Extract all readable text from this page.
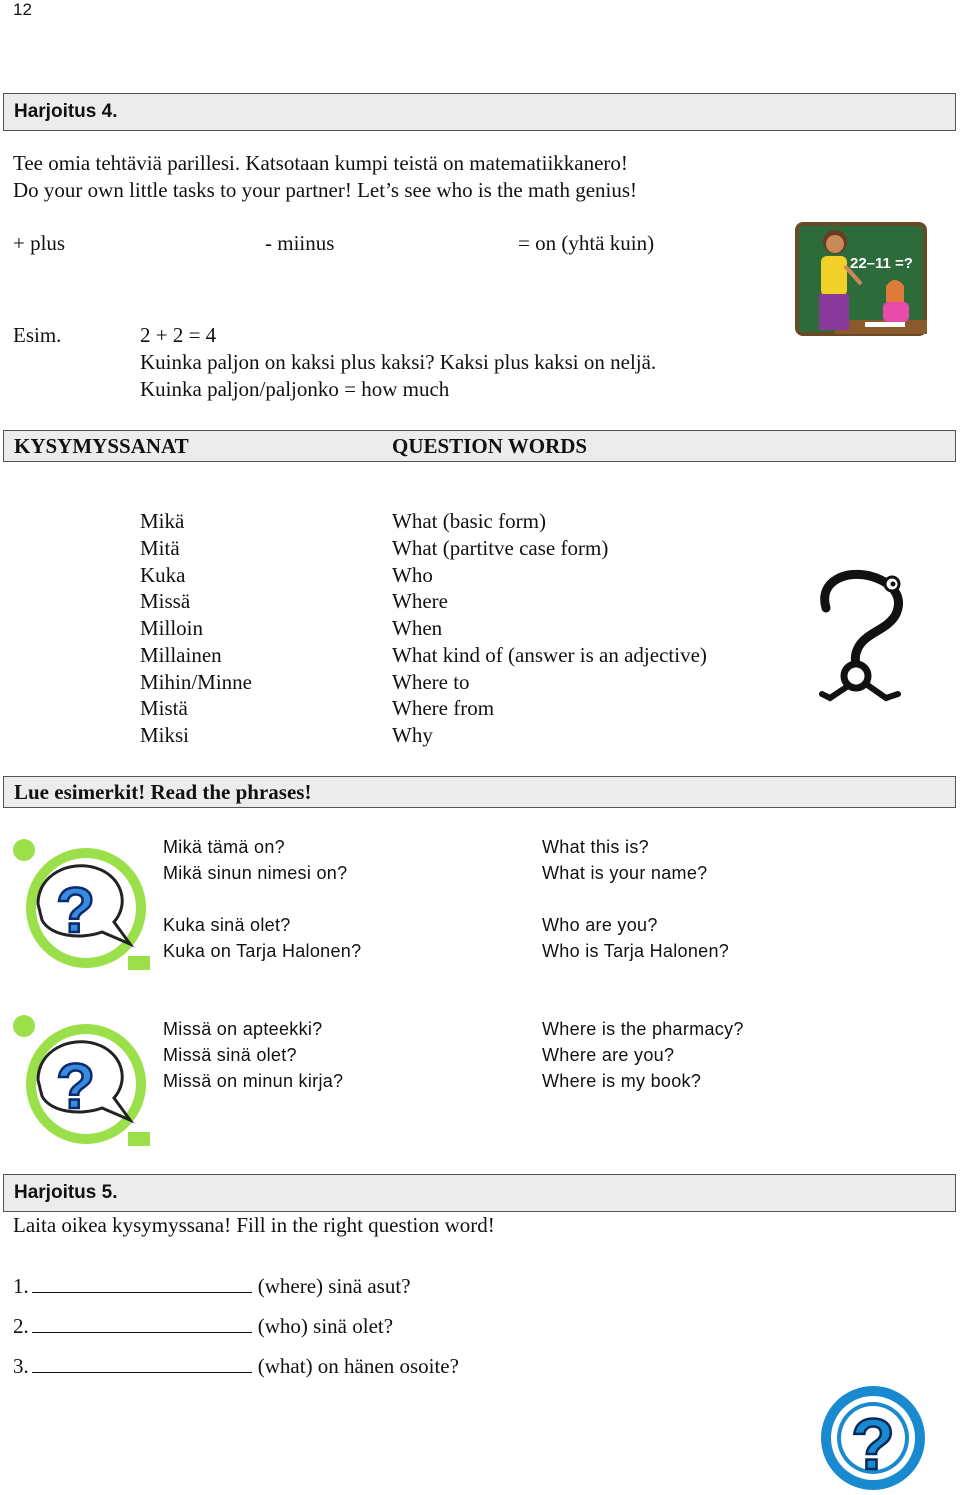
12
Harjoitus 4.
Tee omia tehtäviä parillesi. Katsotaan kumpi teistä on matematiikkanero!
Do your own little tasks to your partner! Let’s see who is the math genius!
+ plus	- miinus	= on (yhtä kuin)
22–11 =?
Esim.	2 + 2 = 4
Kuinka paljon on kaksi plus kaksi? Kaksi plus kaksi on neljä.
Kuinka paljon/paljonko = how much
KYSYMYSSANAT	QUESTION WORDS
Mikä	What (basic form)
Mitä	What (partitve case form)
Kuka	Who
Missä	Where
Milloin	When
Millainen	What kind of (answer is an adjective)
Mihin/Minne	Where to
Mistä	Where from
Miksi	Why
Lue esimerkit! Read the phrases!
?
Mikä tämä on?	What this is?
Mikä sinun nimesi on?	What is your name?
Kuka sinä olet?	Who are you?
Kuka on Tarja Halonen?	Who is Tarja Halonen?
?
Missä on apteekki?	Where is the pharmacy?
Missä sinä olet?	Where are you?
Missä on minun kirja?	Where is my book?
Harjoitus 5.
Laita oikea kysymyssana! Fill in the right question word!
1.	(where) sinä asut?
2.	(who) sinä olet?
3.	(what) on hänen osoite?
?
